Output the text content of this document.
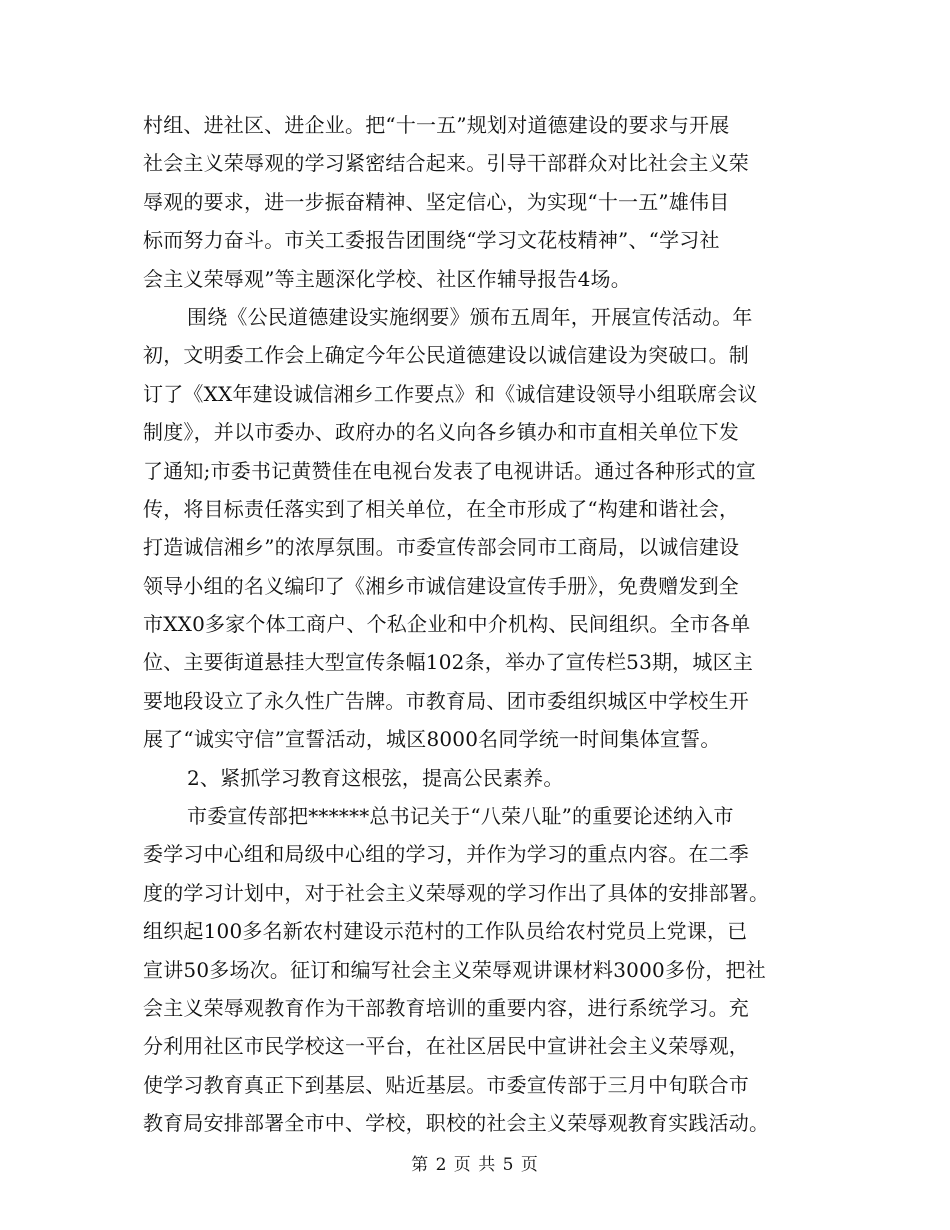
村组、进社区、进企业。把“十一五”规划对道德建设的要求与开展
社会主义荣辱观的学习紧密结合起来。引导干部群众对比社会主义荣
辱观的要求，进一步振奋精神、坚定信心，为实现“十一五”雄伟目
标而努力奋斗。市关工委报告团围绕“学习文花枝精神”、“学习社
会主义荣辱观”等主题深化学校、社区作辅导报告4场。
围绕《公民道德建设实施纲要》颁布五周年，开展宣传活动。年
初，文明委工作会上确定今年公民道德建设以诚信建设为突破口。制
订了《XX年建设诚信湘乡工作要点》和《诚信建设领导小组联席会议
制度》，并以市委办、政府办的名义向各乡镇办和市直相关单位下发
了通知;市委书记黄赞佳在电视台发表了电视讲话。通过各种形式的宣
传，将目标责任落实到了相关单位，在全市形成了“构建和谐社会，
打造诚信湘乡”的浓厚氛围。市委宣传部会同市工商局，以诚信建设
领导小组的名义编印了《湘乡市诚信建设宣传手册》，免费赠发到全
市XX0多家个体工商户、个私企业和中介机构、民间组织。全市各单
位、主要街道悬挂大型宣传条幅102条，举办了宣传栏53期，城区主
要地段设立了永久性广告牌。市教育局、团市委组织城区中学校生开
展了“诚实守信”宣誓活动，城区8000名同学统一时间集体宣誓。
2、紧抓学习教育这根弦，提高公民素养。
市委宣传部把******总书记关于“八荣八耻”的重要论述纳入市
委学习中心组和局级中心组的学习，并作为学习的重点内容。在二季
度的学习计划中，对于社会主义荣辱观的学习作出了具体的安排部署。
组织起100多名新农村建设示范村的工作队员给农村党员上党课，已
宣讲50多场次。征订和编写社会主义荣辱观讲课材料3000多份，把社
会主义荣辱观教育作为干部教育培训的重要内容，进行系统学习。充
分利用社区市民学校这一平台，在社区居民中宣讲社会主义荣辱观，
使学习教育真正下到基层、贴近基层。市委宣传部于三月中旬联合市
教育局安排部署全市中、学校，职校的社会主义荣辱观教育实践活动。
第 2 页 共 5 页
